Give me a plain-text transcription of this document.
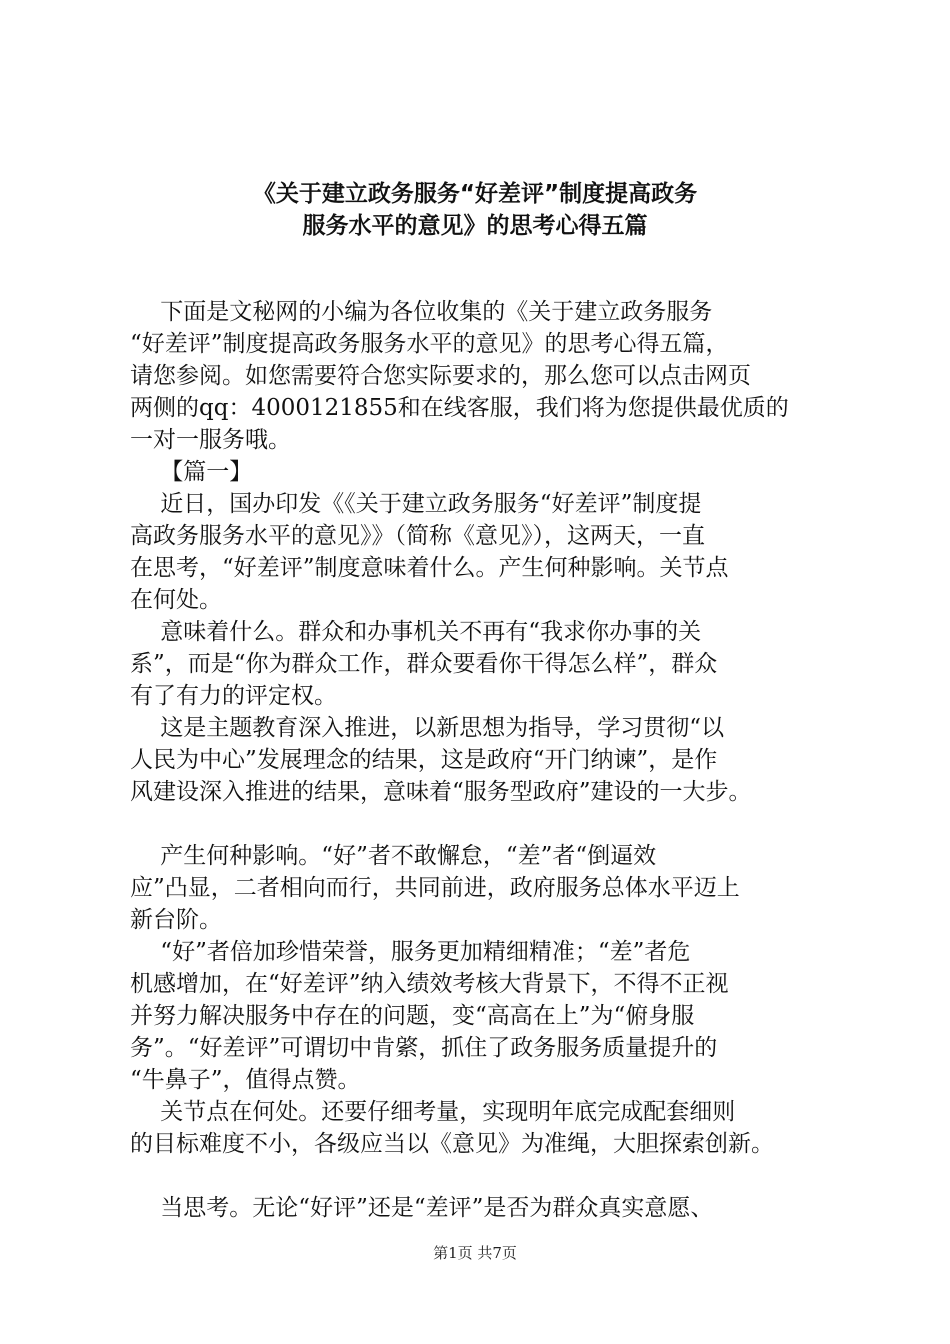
《关于建立政务服务“好差评”制度提高政务
服务水平的意见》的思考心得五篇
　 下面是文秘网的小编为各位收集的《关于建立政务服务
“好差评”制度提高政务服务水平的意见》的思考心得五篇，
请您参阅。如您需要符合您实际要求的，那么您可以点击网页
两侧的qq：4000121855和在线客服，我们将为您提供最优质的
一对一服务哦。
　 【篇一】
　 近日，国办印发《《关于建立政务服务“好差评”制度提
高政务服务水平的意见》》（简称《意见》），这两天，一直
在思考，“好差评”制度意味着什么。产生何种影响。关节点
在何处。
　 意味着什么。群众和办事机关不再有“我求你办事的关
系”，而是“你为群众工作，群众要看你干得怎么样”，群众
有了有力的评定权。
　 这是主题教育深入推进，以新思想为指导，学习贯彻“以
人民为中心”发展理念的结果，这是政府“开门纳谏”，是作
风建设深入推进的结果，意味着“服务型政府”建设的一大步。
　 产生何种影响。“好”者不敢懈怠，“差”者“倒逼效
应”凸显，二者相向而行，共同前进，政府服务总体水平迈上
新台阶。
　 “好”者倍加珍惜荣誉，服务更加精细精准；“差”者危
机感增加，在“好差评”纳入绩效考核大背景下，不得不正视
并努力解决服务中存在的问题，变“高高在上”为“俯身服
务”。“好差评”可谓切中肯綮，抓住了政务服务质量提升的
“牛鼻子”，值得点赞。
　 关节点在何处。还要仔细考量，实现明年底完成配套细则
的目标难度不小，各级应当以《意见》为准绳，大胆探索创新。
　 当思考。无论“好评”还是“差评”是否为群众真实意愿、
第1页 共7页
